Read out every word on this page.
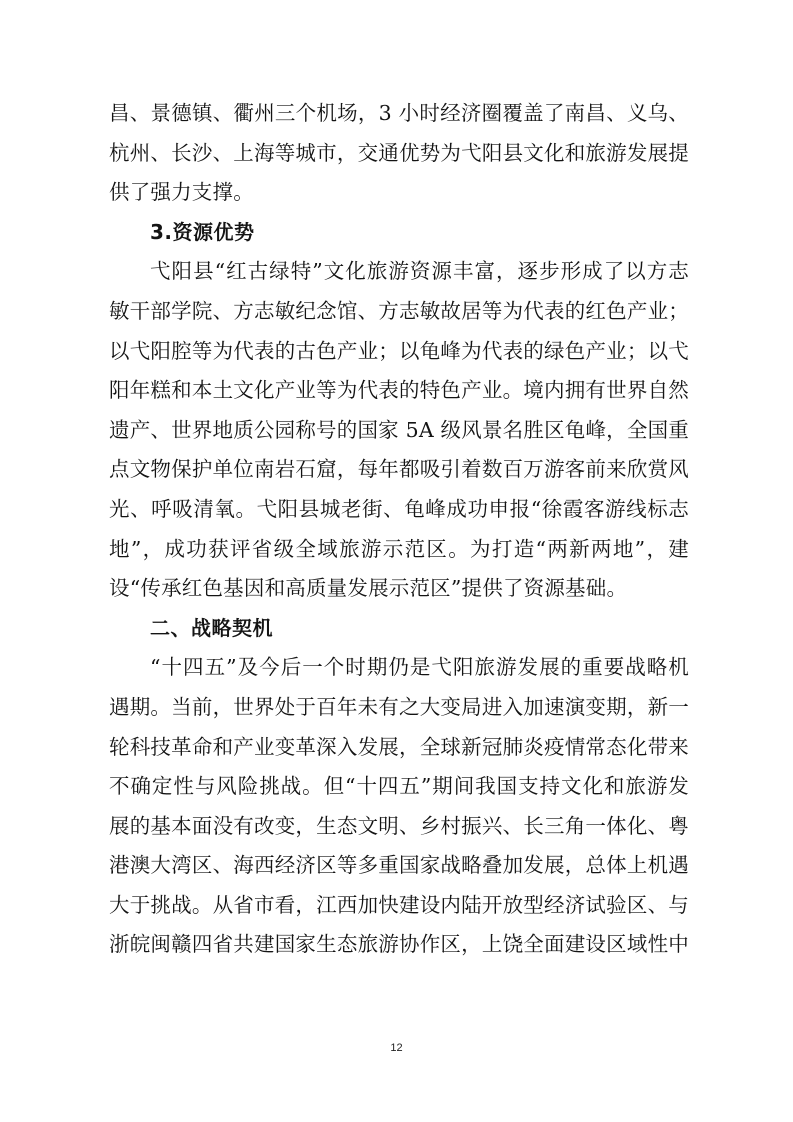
昌、景德镇、衢州三个机场，3 小时经济圈覆盖了南昌、义乌、
杭州、长沙、上海等城市，交通优势为弋阳县文化和旅游发展提
供了强力支撑。
3.资源优势
弋阳县“红古绿特”文化旅游资源丰富，逐步形成了以方志
敏干部学院、方志敏纪念馆、方志敏故居等为代表的红色产业；
以弋阳腔等为代表的古色产业；以龟峰为代表的绿色产业；以弋
阳年糕和本土文化产业等为代表的特色产业。境内拥有世界自然
遗产、世界地质公园称号的国家 5A 级风景名胜区龟峰，全国重
点文物保护单位南岩石窟，每年都吸引着数百万游客前来欣赏风
光、呼吸清氧。弋阳县城老街、龟峰成功申报“徐霞客游线标志
地”，成功获评省级全域旅游示范区。为打造“两新两地”，建
设“传承红色基因和高质量发展示范区”提供了资源基础。
二、战略契机
“十四五”及今后一个时期仍是弋阳旅游发展的重要战略机
遇期。当前，世界处于百年未有之大变局进入加速演变期，新一
轮科技革命和产业变革深入发展，全球新冠肺炎疫情常态化带来
不确定性与风险挑战。但“十四五”期间我国支持文化和旅游发
展的基本面没有改变，生态文明、乡村振兴、长三角一体化、粤
港澳大湾区、海西经济区等多重国家战略叠加发展，总体上机遇
大于挑战。从省市看，江西加快建设内陆开放型经济试验区、与
浙皖闽赣四省共建国家生态旅游协作区，上饶全面建设区域性中
12
